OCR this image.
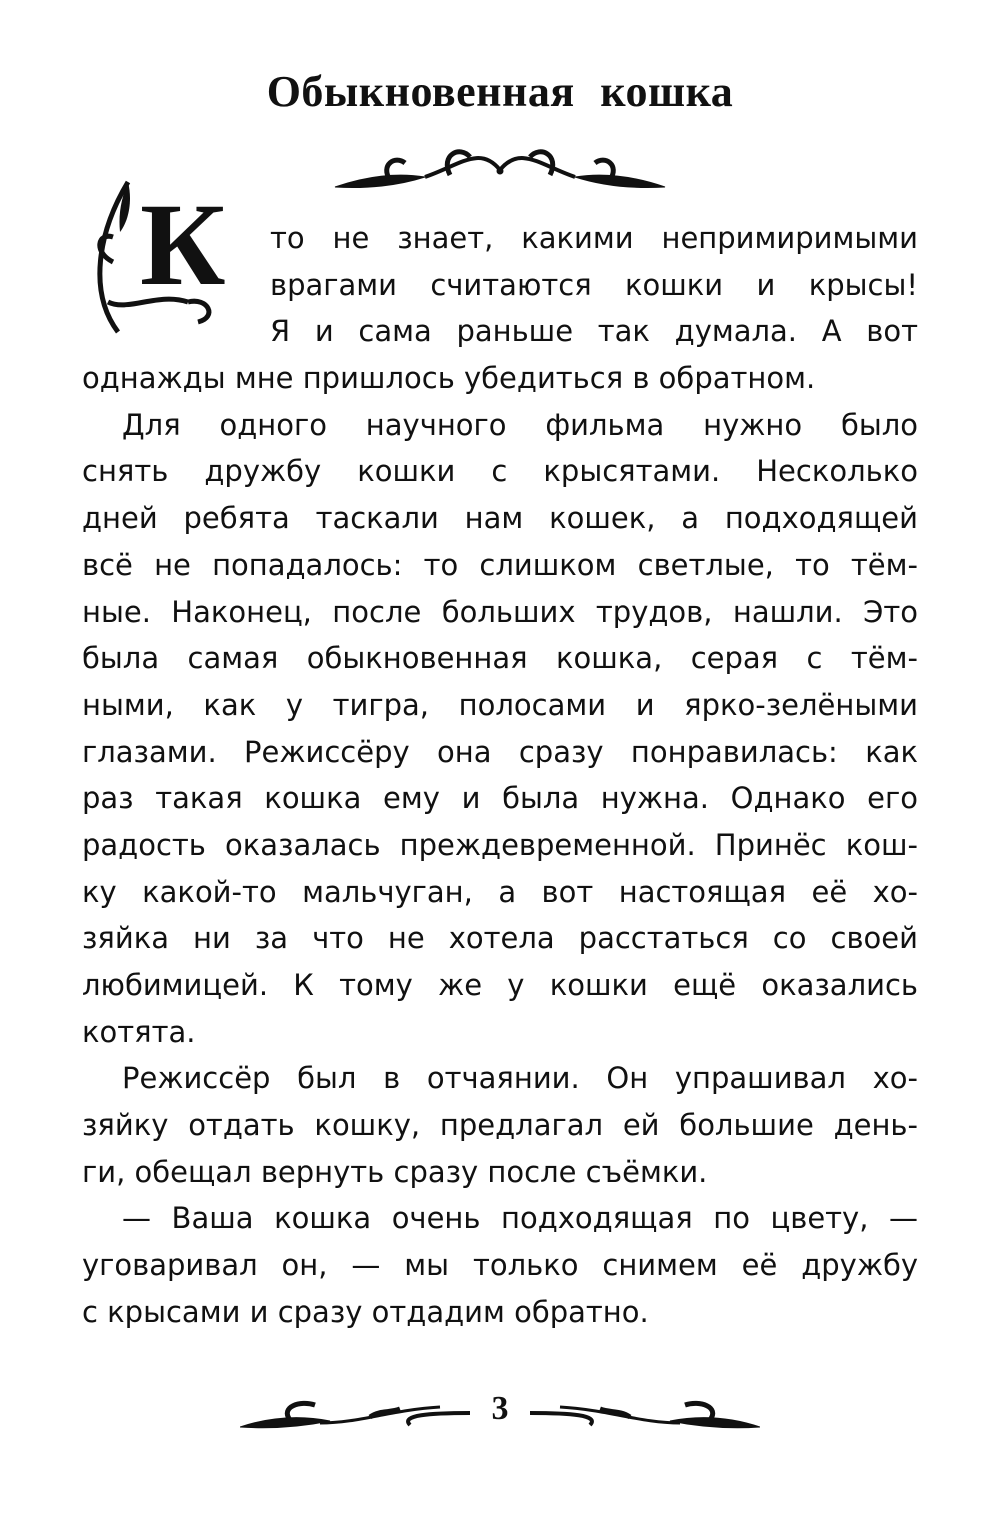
Обыкновенная кошка
К то не знает, какими непримиримыми
врагами считаются кошки и крысы!
Я и сама раньше так думала. А вот
однажды мне пришлось убедиться в обратном.
Для одного научного фильма нужно было
снять дружбу кошки с крысятами. Несколько
дней ребята таскали нам кошек, а подходящей
всё не попадалось: то слишком светлые, то тём-
ные. Наконец, после больших трудов, нашли. Это
была самая обыкновенная кошка, серая с тём-
ными, как у тигра, полосами и ярко-зелёными
глазами. Режиссёру она сразу понравилась: как
раз такая кошка ему и была нужна. Однако его
радость оказалась преждевременной. Принёс кош-
ку какой-то мальчуган, а вот настоящая её хо-
зяйка ни за что не хотела расстаться со своей
любимицей. К тому же у кошки ещё оказались
котята.
Режиссёр был в отчаянии. Он упрашивал хо-
зяйку отдать кошку, предлагал ей большие день-
ги, обещал вернуть сразу после съёмки.
— Ваша кошка очень подходящая по цвету, —
уговаривал он, — мы только снимем её дружбу
с крысами и сразу отдадим обратно.
3
